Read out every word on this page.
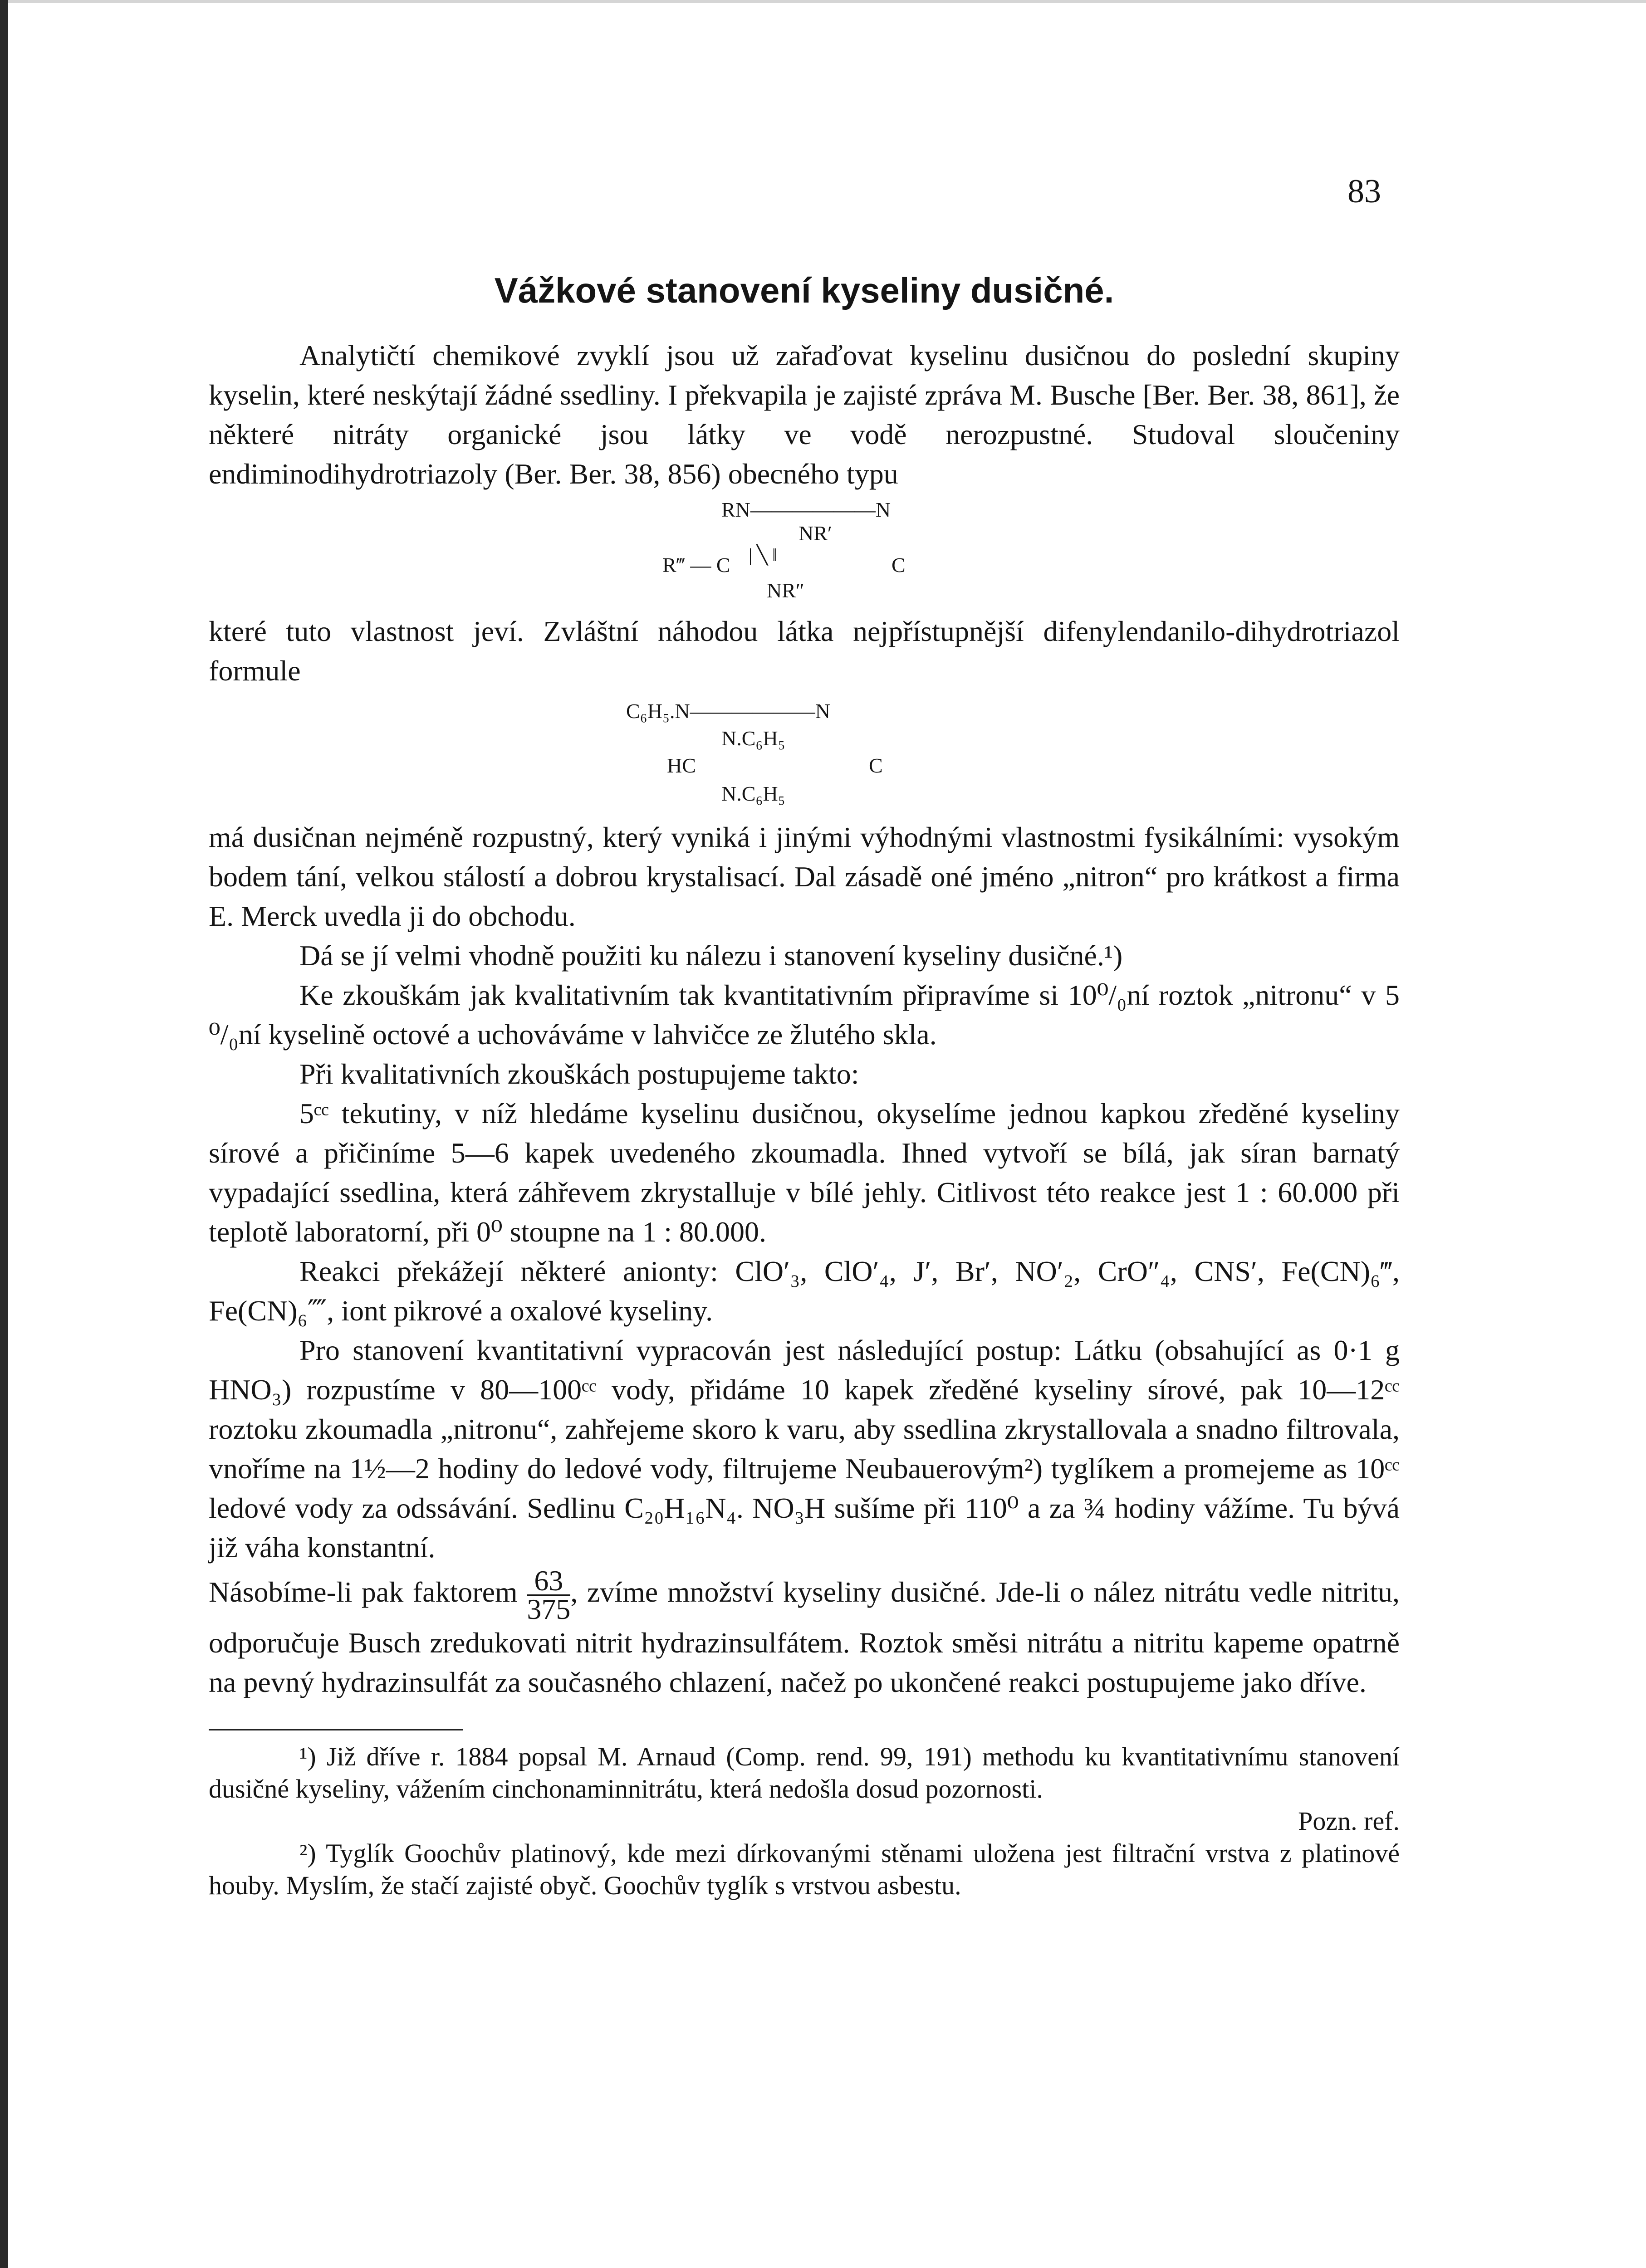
83
Vážkové stanovení kyseliny dusičné.

Analytičtí chemikové zvyklí jsou už zařaďovat kyselinu dusičnou do poslední skupiny kyselin, které neskýtají žádné ssedliny. I překvapila je zajisté zpráva M. Busche [Ber. Ber. 38, 861], že některé nitráty organické jsou látky ve vodě nerozpustné. Studoval sloučeniny endiminodihydrotriazoly (Ber. Ber. 38, 856) obecného typu

RN——————N
NR′
| ╲ ‖
R‴ — C	C
NR″

které tuto vlastnost jeví. Zvláštní náhodou látka nejpřístupnější difenylendanilo-dihydrotriazol formule

C₆H₅.N——————N
N.C₆H₅
HC	C
N.C₆H₅

má dusičnan nejméně rozpustný, který vyniká i jinými výhodnými vlastnostmi fysikálními: vysokým bodem tání, velkou stálostí a dobrou krystalisací. Dal zásadě oné jméno „nitron“ pro krátkost a firma E. Merck uvedla ji do obchodu.

Dá se jí velmi vhodně použiti ku nálezu i stanovení kyseliny dusičné.¹)

Ke zkouškám jak kvalitativním tak kvantitativním připravíme si 10⁰/₀ní roztok „nitronu“ v 5 ⁰/₀ní kyselině octové a uchováváme v lahvičce ze žlutého skla.

Při kvalitativních zkouškách postupujeme takto:

5ᶜᶜ tekutiny, v níž hledáme kyselinu dusičnou, okyselíme jednou kapkou zředěné kyseliny sírové a přičiníme 5—6 kapek uvedeného zkoumadla. Ihned vytvoří se bílá, jak síran barnatý vypadající ssedlina, která záhřevem zkrystalluje v bílé jehly. Citlivost této reakce jest 1 : 60.000 při teplotě laboratorní, při 0⁰ stoupne na 1 : 80.000.

Reakci překážejí některé anionty: ClO′₃, ClO′₄, J′, Br′, NO′₂, CrO″₄, CNS′, Fe(CN)₆‴, Fe(CN)₆⁗, iont pikrové a oxalové kyseliny.

Pro stanovení kvantitativní vypracován jest následující postup: Látku (obsahující as 0·1 g HNO₃) rozpustíme v 80—100ᶜᶜ vody, přidáme 10 kapek zředěné kyseliny sírové, pak 10—12ᶜᶜ roztoku zkoumadla „nitronu“, zahřejeme skoro k varu, aby ssedlina zkrystallovala a snadno filtrovala, vnoříme na 1½—2 hodiny do ledové vody, filtrujeme Neubauerovým²) tyglíkem a promejeme as 10ᶜᶜ ledové vody za odssávání. Sedlinu C₂₀H₁₆N₄. NO₃H sušíme při 110⁰ a za ¾ hodiny vážíme. Tu bývá již váha konstantní.

Násobíme-li pak faktorem $\frac{63}{375}$ , zvíme množství kyseliny dusičné. Jde-li o nález nitrátu vedle nitritu, odporučuje Busch zredukovati nitrit hydrazinsulfátem. Roztok směsi nitrátu a nitritu kapeme opatrně na pevný hydrazinsulfát za současného chlazení, načež po ukončené reakci postupujeme jako dříve.

¹) Již dříve r. 1884 popsal M. Arnaud (Comp. rend. 99, 191) methodu ku kvantitativnímu stanovení dusičné kyseliny, vážením cinchonaminnitrátu, která nedošla dosud pozornosti.

Pozn. ref.

²) Tyglík Goochův platinový, kde mezi dírkovanými stěnami uložena jest filtrační vrstva z platinové houby. Myslím, že stačí zajisté obyč. Goochův tyglík s vrstvou asbestu.
